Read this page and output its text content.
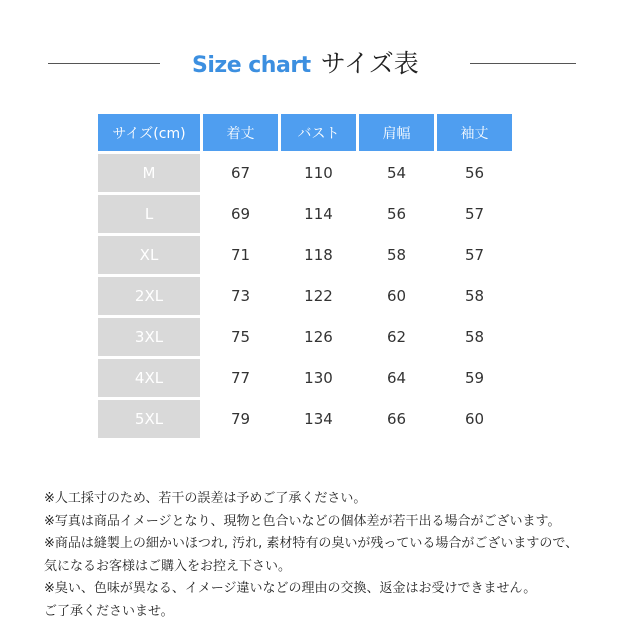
Size chart サイズ表
サイズ(cm)	着丈	バスト	肩幅	袖丈
M	67	110	54	56
L	69	114	56	57
XL	71	118	58	57
2XL	73	122	60	58
3XL	75	126	62	58
4XL	77	130	64	59
5XL	79	134	66	60

※人工採寸のため、若干の誤差は予めご了承ください。

※写真は商品イメージとなり、現物と色合いなどの個体差が若干出る場合がございます。

※商品は縫製上の細かいほつれ, 汚れ, 素材特有の臭いが残っている場合がございますので、

気になるお客様はご購入をお控え下さい。

※臭い、色味が異なる、イメージ違いなどの理由の交換、返金はお受けできません。

ご了承くださいませ。
